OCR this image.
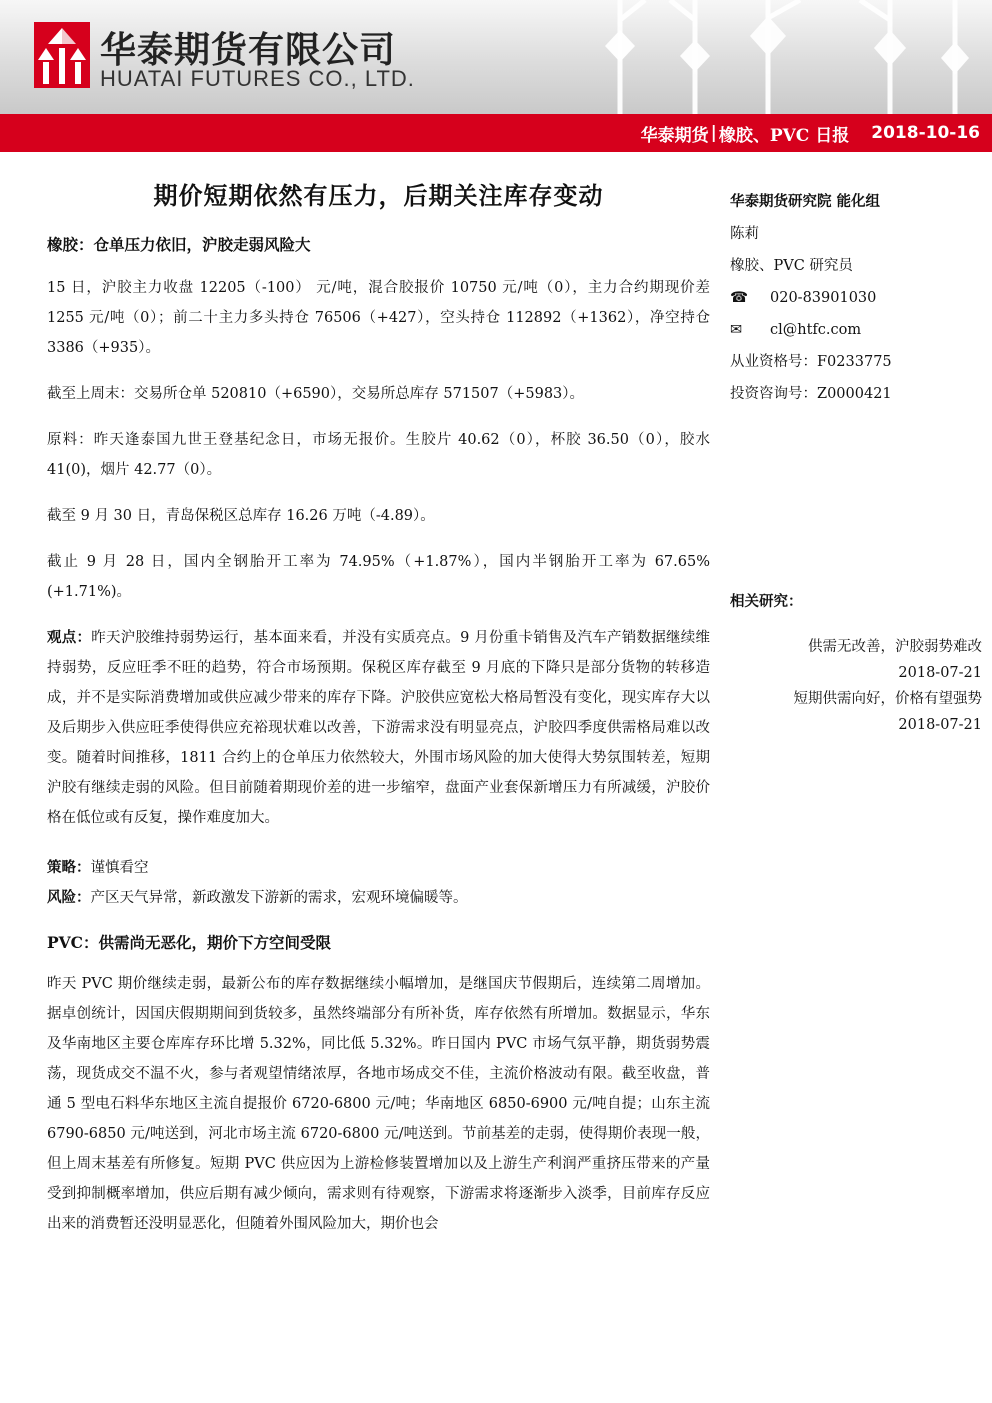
华泰期货有限公司
HUATAI FUTURES CO., LTD.
华泰期货 | 橡胶、PVC 日报 2018-10-16
期价短期依然有压力，后期关注库存变动
橡胶：仓单压力依旧，沪胶走弱风险大

15 日，沪胶主力收盘 12205（-100） 元/吨，混合胶报价 10750 元/吨（0），主力合约期现价差 1255 元/吨（0）；前二十主力多头持仓 76506（+427），空头持仓 112892（+1362），净空持仓 3386（+935）。

截至上周末：交易所仓单 520810（+6590），交易所总库存 571507（+5983）。

原料：昨天逢泰国九世王登基纪念日，市场无报价。生胶片 40.62（0），杯胶 36.50（0），胶水 41(0)，烟片 42.77（0）。

截至 9 月 30 日，青岛保税区总库存 16.26 万吨（-4.89）。

截止 9 月 28 日，国内全钢胎开工率为 74.95%（+1.87%），国内半钢胎开工率为 67.65%(+1.71%)。

观点：昨天沪胶维持弱势运行，基本面来看，并没有实质亮点。9 月份重卡销售及汽车产销数据继续维持弱势，反应旺季不旺的趋势，符合市场预期。保税区库存截至 9 月底的下降只是部分货物的转移造成，并不是实际消费增加或供应减少带来的库存下降。沪胶供应宽松大格局暂没有变化，现实库存大以及后期步入供应旺季使得供应充裕现状难以改善，下游需求没有明显亮点，沪胶四季度供需格局难以改变。随着时间推移，1811 合约上的仓单压力依然较大，外围市场风险的加大使得大势氛围转差，短期沪胶有继续走弱的风险。但目前随着期现价差的进一步缩窄，盘面产业套保新增压力有所减缓，沪胶价格在低位或有反复，操作难度加大。

策略：谨慎看空

风险：产区天气异常，新政激发下游新的需求，宏观环境偏暖等。

PVC：供需尚无恶化，期价下方空间受限

昨天 PVC 期价继续走弱，最新公布的库存数据继续小幅增加，是继国庆节假期后，连续第二周增加。据卓创统计，因国庆假期期间到货较多，虽然终端部分有所补货，库存依然有所增加。数据显示，华东及华南地区主要仓库库存环比增 5.32%，同比低 5.32%。昨日国内 PVC 市场气氛平静，期货弱势震荡，现货成交不温不火，参与者观望情绪浓厚，各地市场成交不佳，主流价格波动有限。截至收盘，普通 5 型电石料华东地区主流自提报价 6720-6800 元/吨；华南地区 6850-6900 元/吨自提；山东主流 6790-6850 元/吨送到，河北市场主流 6720-6800 元/吨送到。节前基差的走弱，使得期价表现一般，但上周末基差有所修复。短期 PVC 供应因为上游检修装置增加以及上游生产利润严重挤压带来的产量受到抑制概率增加，供应后期有减少倾向，需求则有待观察，下游需求将逐渐步入淡季，目前库存反应出来的消费暂还没明显恶化，但随着外围风险加大，期价也会

华泰期货研究院 能化组
陈莉
橡胶、PVC 研究员
☎ 020-83901030
✉ cl@htfc.com
从业资格号：F0233775
投资咨询号：Z0000421
相关研究：
供需无改善，沪胶弱势难改
2018-07-21
短期供需向好，价格有望强势
2018-07-21
